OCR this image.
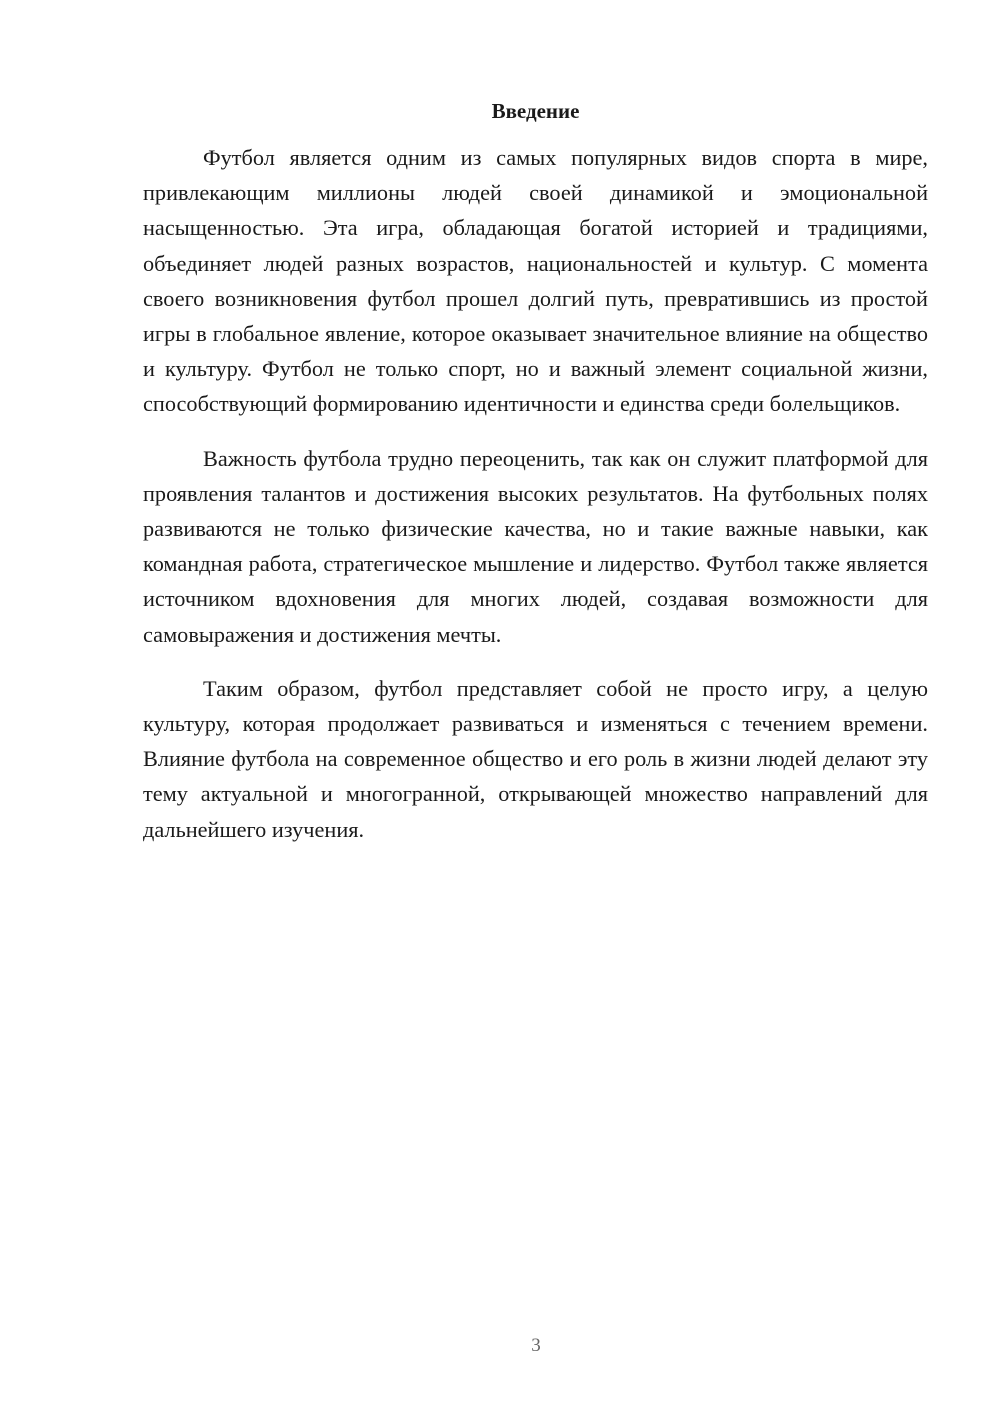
Введение

Футбол является одним из самых популярных видов спорта в мире, привлекающим миллионы людей своей динамикой и эмоциональной насыщенностью. Эта игра, обладающая богатой историей и традициями, объединяет людей разных возрастов, национальностей и культур. С момента своего возникновения футбол прошел долгий путь, превратившись из простой игры в глобальное явление, которое оказывает значительное влияние на общество и культуру. Футбол не только спорт, но и важный элемент социальной жизни, способствующий формированию идентичности и единства среди болельщиков.

Важность футбола трудно переоценить, так как он служит платформой для проявления талантов и достижения высоких результатов. На футбольных полях развиваются не только физические качества, но и такие важные навыки, как командная работа, стратегическое мышление и лидерство. Футбол также является источником вдохновения для многих людей, создавая возможности для самовыражения и достижения мечты.

Таким образом, футбол представляет собой не просто игру, а целую культуру, которая продолжает развиваться и изменяться с течением времени. Влияние футбола на современное общество и его роль в жизни людей делают эту тему актуальной и многогранной, открывающей множество направлений для дальнейшего изучения.

3
